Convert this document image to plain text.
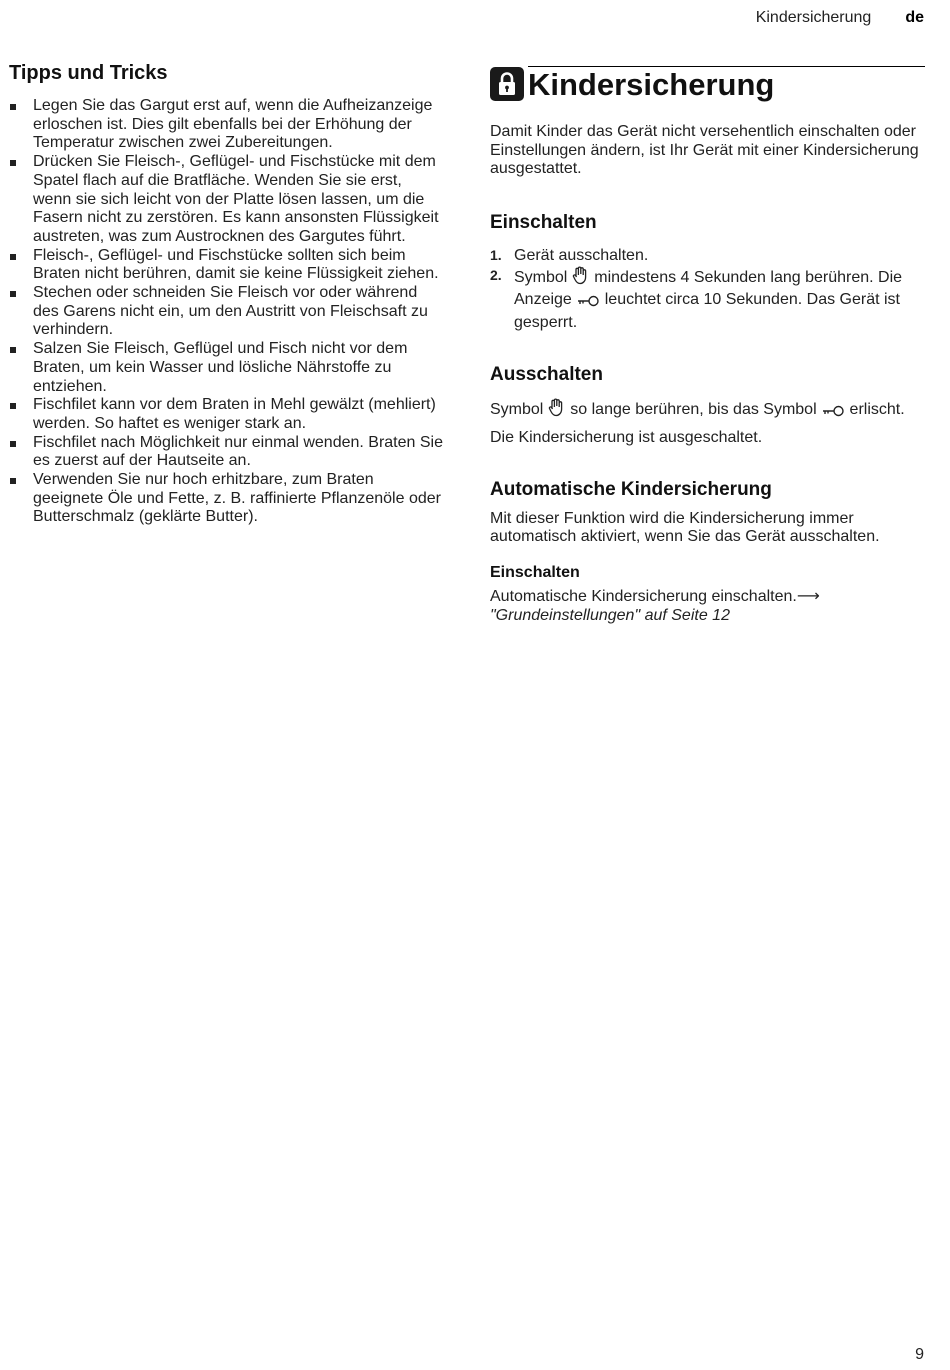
Kindersicherung de
Tipps und Tricks
Legen Sie das Gargut erst auf, wenn die Aufheizanzeige erloschen ist. Dies gilt ebenfalls bei der Erhöhung der Temperatur zwischen zwei Zubereitungen.
Drücken Sie Fleisch-, Geflügel- und Fischstücke mit dem Spatel flach auf die Bratfläche. Wenden Sie sie erst, wenn sie sich leicht von der Platte lösen lassen, um die Fasern nicht zu zerstören. Es kann ansonsten Flüssigkeit austreten, was zum Austrocknen des Gargutes führt.
Fleisch-, Geflügel- und Fischstücke sollten sich beim Braten nicht berühren, damit sie keine Flüssigkeit ziehen.
Stechen oder schneiden Sie Fleisch vor oder während des Garens nicht ein, um den Austritt von Fleischsaft zu verhindern.
Salzen Sie Fleisch, Geflügel und Fisch nicht vor dem Braten, um kein Wasser und lösliche Nährstoffe zu entziehen.
Fischfilet kann vor dem Braten in Mehl gewälzt (mehliert) werden. So haftet es weniger stark an.
Fischfilet nach Möglichkeit nur einmal wenden. Braten Sie es zuerst auf der Hautseite an.
Verwenden Sie nur hoch erhitzbare, zum Braten geeignete Öle und Fette, z. B. raffinierte Pflanzenöle oder Butterschmalz (geklärte Butter).
Kindersicherung

Damit Kinder das Gerät nicht versehentlich einschalten oder Einstellungen ändern, ist Ihr Gerät mit einer Kindersicherung ausgestattet.

Einschalten
1. Gerät ausschalten.
2. Symbol mindestens 4 Sekunden lang berühren. Die Anzeige leuchtet circa 10 Sekunden. Das Gerät ist gesperrt.
Ausschalten

Symbol so lange berühren, bis das Symbol erlischt.

Die Kindersicherung ist ausgeschaltet.

Automatische Kindersicherung

Mit dieser Funktion wird die Kindersicherung immer automatisch aktiviert, wenn Sie das Gerät ausschalten.

Einschalten

Automatische Kindersicherung einschalten.⟶ "Grundeinstellungen" auf Seite 12

9
